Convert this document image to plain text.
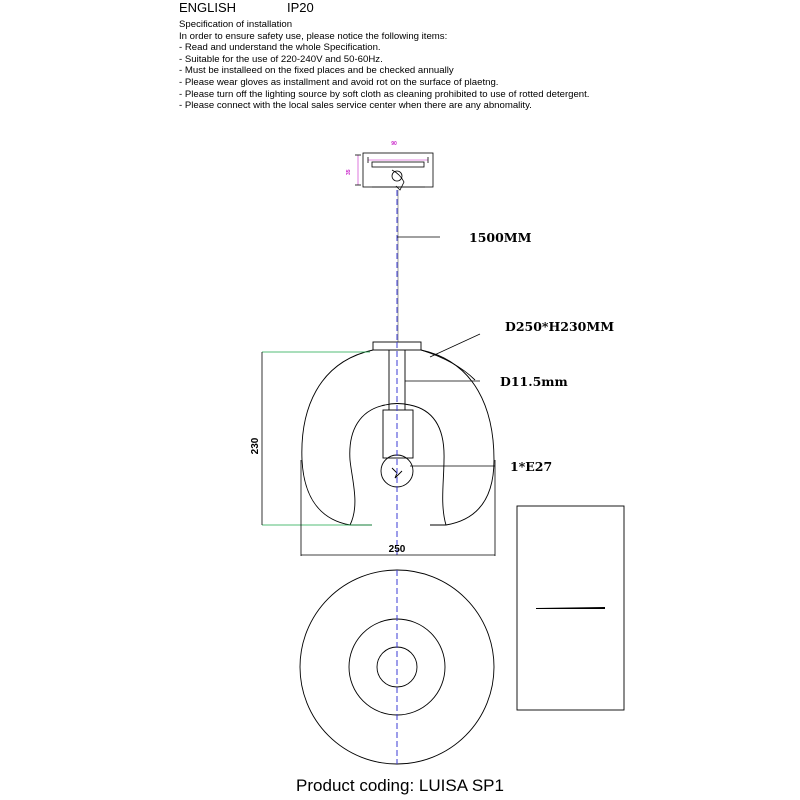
ENGLISH	IP20
Specification of installation
In order to ensure safety use, please notice the following items:
- Read and understand the whole Specification.
- Suitable for the use of 220-240V and 50-60Hz.
- Must be installeed on the fixed places and be checked annually
- Please wear gloves as installment and avoid rot on the surface of plaetng.
- Please turn off the lighting source by soft cloth as cleaning prohibited to use of rotted detergent.
- Please connect with the local sales service center when there are any abnomality.
90
35
1500MM
D250*H230MM
D11.5mm
1*E27
230
250
Product coding: LUISA SP1
